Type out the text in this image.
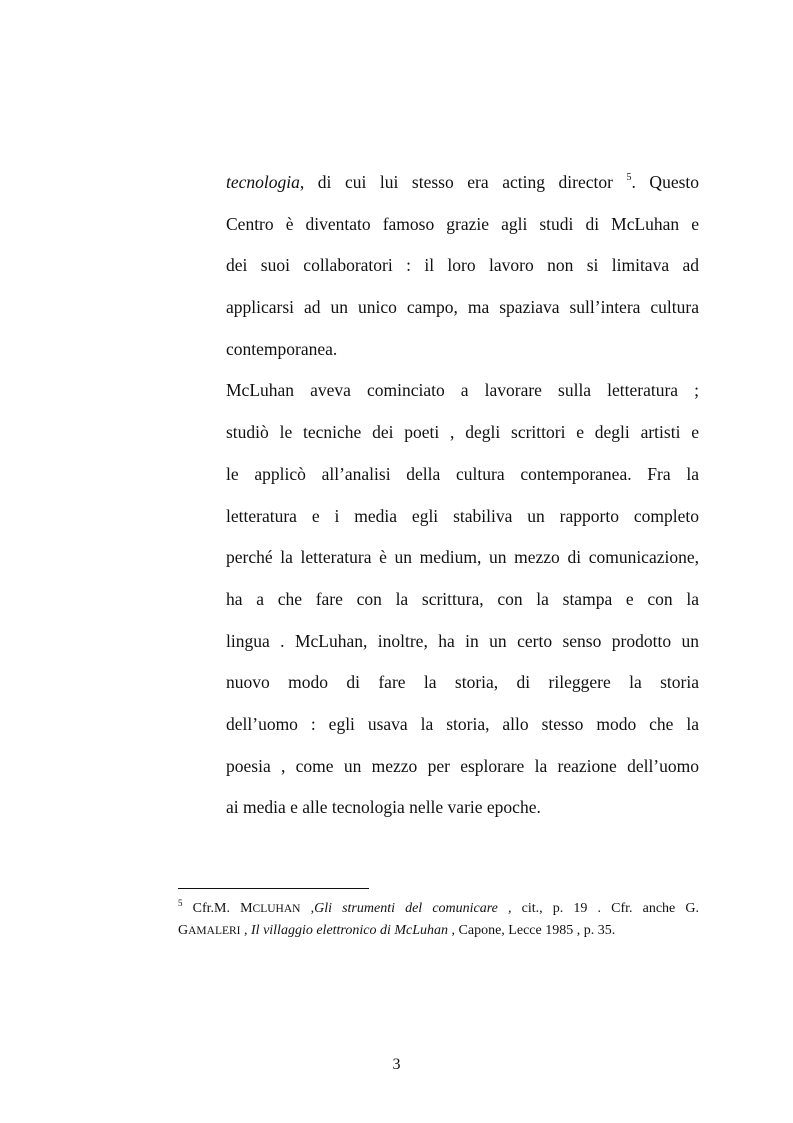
tecnologia, di cui lui stesso era acting director $^5$. Questo
Centro è diventato famoso grazie agli studi di McLuhan e
dei suoi collaboratori : il loro lavoro non si limitava ad
applicarsi ad un unico campo, ma spaziava sull’intera cultura
contemporanea.
McLuhan aveva cominciato a lavorare sulla letteratura ;
studiò le tecniche dei poeti , degli scrittori e degli artisti e
le applicò all’analisi della cultura contemporanea. Fra la
letteratura e i media egli stabiliva un rapporto completo
perché la letteratura è un medium, un mezzo di comunicazione,
ha a che fare con la scrittura, con la stampa e con la
lingua . McLuhan, inoltre, ha in un certo senso prodotto un
nuovo modo di fare la storia, di rileggere la storia
dell’uomo : egli usava la storia, allo stesso modo che la
poesia , come un mezzo per esplorare la reazione dell’uomo
ai media e alle tecnologia nelle varie epoche.
$^5$ Cfr.M. MCLUHAN ,Gli strumenti del comunicare , cit., p. 19 . Cfr. anche G.
GAMALERI , Il villaggio elettronico di McLuhan , Capone, Lecce 1985 , p. 35.
3
